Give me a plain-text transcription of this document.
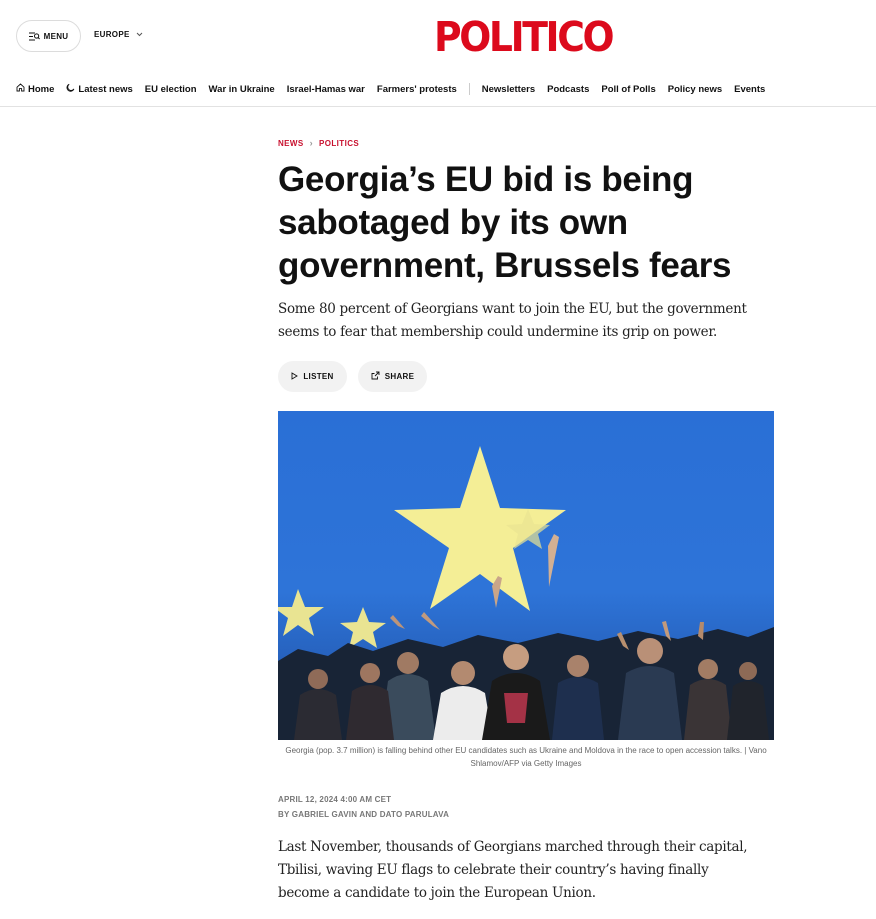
MENU	EUROPE	POLITICO
Home	Latest news EU election War in Ukraine Israel-Hamas war Farmers' protests	Newsletters Podcasts Poll of Polls Policy news Events
NEWS › POLITICS
Georgia’s EU bid is being sabotaged by its own government, Brussels fears

Some 80 percent of Georgians want to join the EU, but the government seems to fear that membership could undermine its grip on power.

LISTEN	SHARE
Georgia (pop. 3.7 million) is falling behind other EU candidates such as Ukraine and Moldova in the race to open accession talks. | Vano Shlamov/AFP via Getty Images
APRIL 12, 2024 4:00 AM CET
BY GABRIEL GAVIN AND DATO PARULAVA

Last November, thousands of Georgians marched through their capital, Tbilisi, waving EU flags to celebrate their country’s having finally become a candidate to join the European Union.
